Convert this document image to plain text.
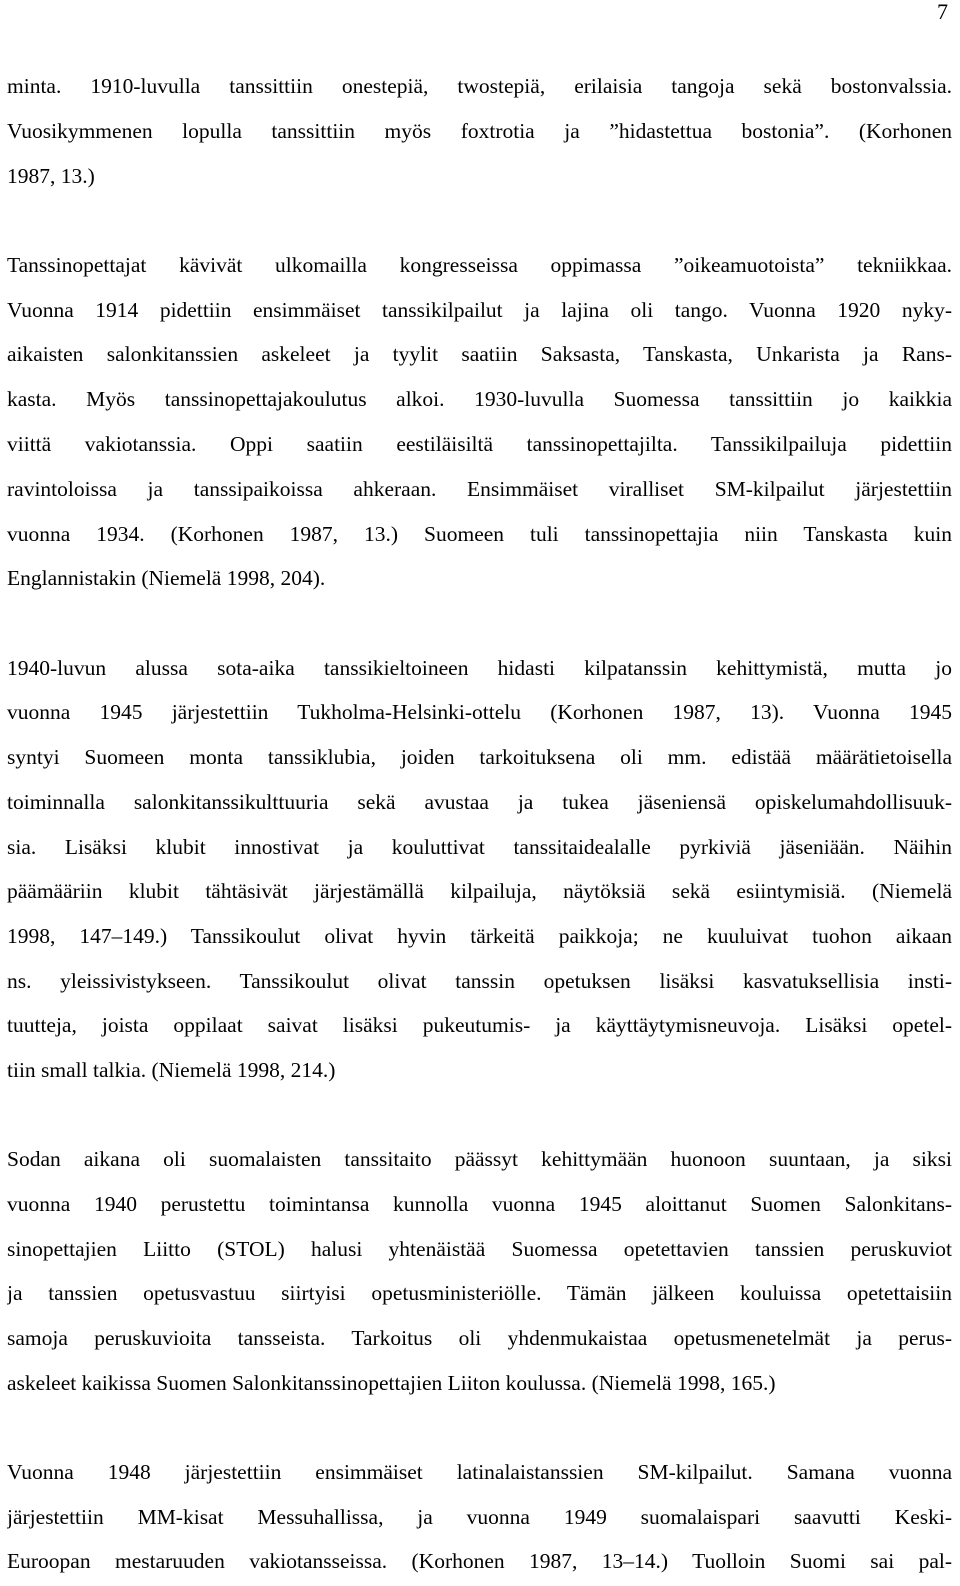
7
minta. 1910-luvulla tanssittiin onestepiä, twostepiä, erilaisia tangoja sekä bostonvalssia.
Vuosikymmenen lopulla tanssittiin myös foxtrotia ja ”hidastettua bostonia”. (Korhonen
1987, 13.)
Tanssinopettajat kävivät ulkomailla kongresseissa oppimassa ”oikeamuotoista” tekniikkaa.
Vuonna 1914 pidettiin ensimmäiset tanssikilpailut ja lajina oli tango. Vuonna 1920 nyky-
aikaisten salonkitanssien askeleet ja tyylit saatiin Saksasta, Tanskasta, Unkarista ja Rans-
kasta. Myös tanssinopettajakoulutus alkoi. 1930-luvulla Suomessa tanssittiin jo kaikkia
viittä vakiotanssia. Oppi saatiin eestiläisiltä tanssinopettajilta. Tanssikilpailuja pidettiin
ravintoloissa ja tanssipaikoissa ahkeraan. Ensimmäiset viralliset SM-kilpailut järjestettiin
vuonna 1934. (Korhonen 1987, 13.) Suomeen tuli tanssinopettajia niin Tanskasta kuin
Englannistakin (Niemelä 1998, 204).
1940-luvun alussa sota-aika tanssikieltoineen hidasti kilpatanssin kehittymistä, mutta jo
vuonna 1945 järjestettiin Tukholma-Helsinki-ottelu (Korhonen 1987, 13). Vuonna 1945
syntyi Suomeen monta tanssiklubia, joiden tarkoituksena oli mm. edistää määrätietoisella
toiminnalla salonkitanssikulttuuria sekä avustaa ja tukea jäseniensä opiskelumahdollisuuk-
sia. Lisäksi klubit innostivat ja kouluttivat tanssitaidealalle pyrkiviä jäseniään. Näihin
päämääriin klubit tähtäsivät järjestämällä kilpailuja, näytöksiä sekä esiintymisiä. (Niemelä
1998, 147–149.) Tanssikoulut olivat hyvin tärkeitä paikkoja; ne kuuluivat tuohon aikaan
ns. yleissivistykseen. Tanssikoulut olivat tanssin opetuksen lisäksi kasvatuksellisia insti-
tuutteja, joista oppilaat saivat lisäksi pukeutumis- ja käyttäytymisneuvoja. Lisäksi opetel-
tiin small talkia. (Niemelä 1998, 214.)
Sodan aikana oli suomalaisten tanssitaito päässyt kehittymään huonoon suuntaan, ja siksi
vuonna 1940 perustettu toimintansa kunnolla vuonna 1945 aloittanut Suomen Salonkitans-
sinopettajien Liitto (STOL) halusi yhtenäistää Suomessa opetettavien tanssien peruskuviot
ja tanssien opetusvastuu siirtyisi opetusministeriölle. Tämän jälkeen kouluissa opetettaisiin
samoja peruskuvioita tansseista. Tarkoitus oli yhdenmukaistaa opetusmenetelmät ja perus-
askeleet kaikissa Suomen Salonkitanssinopettajien Liiton koulussa. (Niemelä 1998, 165.)
Vuonna 1948 järjestettiin ensimmäiset latinalaistanssien SM-kilpailut. Samana vuonna
järjestettiin MM-kisat Messuhallissa, ja vuonna 1949 suomalaispari saavutti Keski-
Euroopan mestaruuden vakiotansseissa. (Korhonen 1987, 13–14.) Tuolloin Suomi sai pal-
